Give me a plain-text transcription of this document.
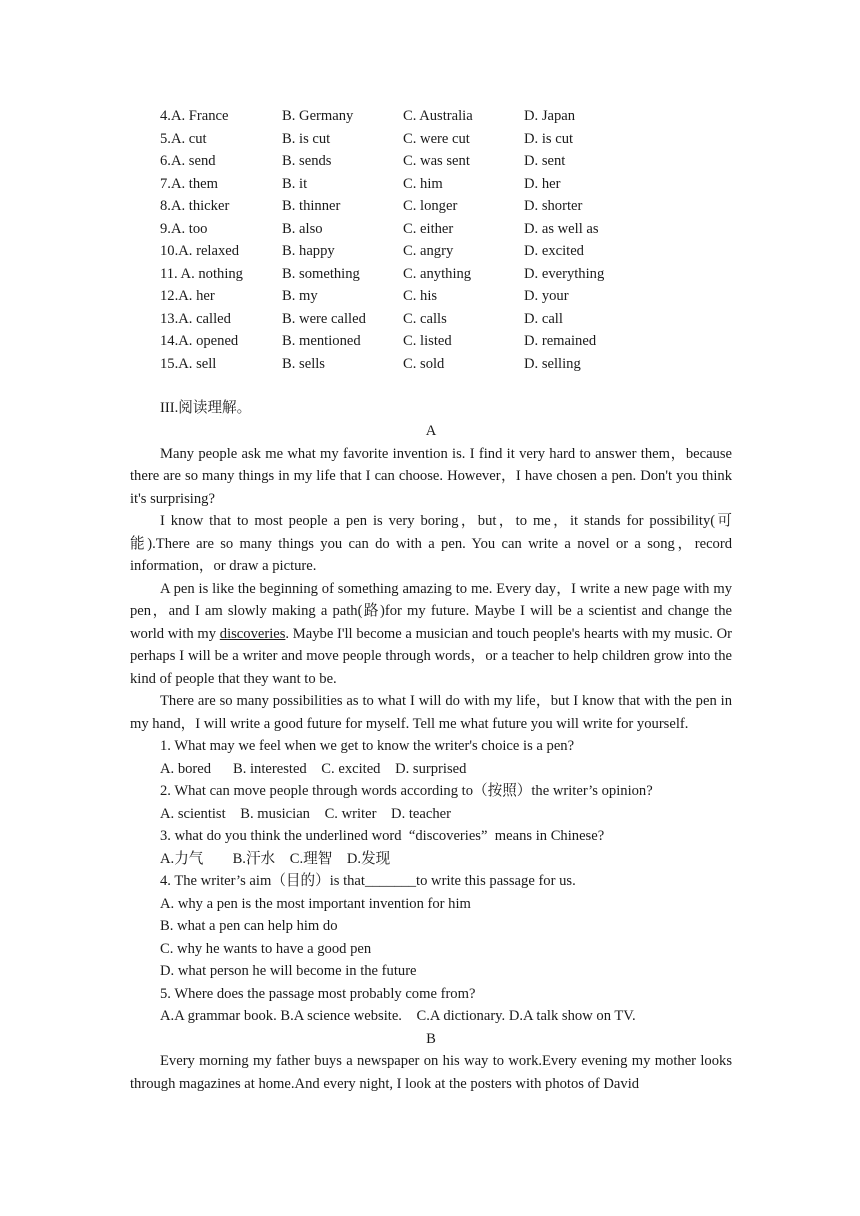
4.A. France	B. Germany	C. Australia	D. Japan
5.A. cut	B. is cut	C. were cut	D. is cut
6.A. send	B. sends	C. was sent	D. sent
7.A. them	B. it	C. him	D. her
8.A. thicker	B. thinner	C. longer	D. shorter
9.A. too	B. also	C. either	D. as well as
10.A. relaxed	B. happy	C. angry	D. excited
11. A. nothing	B. something	C. anything	D. everything
12.A. her	B. my	C. his	D. your
13.A. called	B. were called	C. calls	D. call
14.A. opened	B. mentioned	C. listed	D. remained
15.A. sell	B. sells	C. sold	D. selling
III.阅读理解。
A

Many people ask me what my favorite invention is. I find it very hard to answer them，because there are so many things in my life that I can choose. However，I have chosen a pen. Don't you think it's surprising?

I know that to most people a pen is very boring，but，to me，it stands for possibility(可能).There are so many things you can do with a pen. You can write a novel or a song，record information，or draw a picture.

A pen is like the beginning of something amazing to me. Every day，I write a new page with my pen，and I am slowly making a path(路)for my future. Maybe I will be a scientist and change the world with my discoveries. Maybe I'll become a musician and touch people's hearts with my music. Or perhaps I will be a writer and move people through words，or a teacher to help children grow into the kind of people that they want to be.

There are so many possibilities as to what I will do with my life，but I know that with the pen in my hand，I will write a good future for myself. Tell me what future you will write for yourself.

1. What may we feel when we get to know the writer's choice is a pen?
A. bored      B. interested    C. excited    D. surprised
2. What can move people through words according to（按照）the writer’s opinion?
A. scientist    B. musician    C. writer    D. teacher
3. what do you think the underlined word  “discoveries”  means in Chinese?
A.力气        B.汗水    C.理智    D.发现
4. The writer’s aim（目的）is that_______to write this passage for us.
A. why a pen is the most important invention for him
B. what a pen can help him do
C. why he wants to have a good pen
D. what person he will become in the future
5. Where does the passage most probably come from?
A.A grammar book. B.A science website.    C.A dictionary. D.A talk show on TV.
B

Every morning my father buys a newspaper on his way to work.Every evening my mother looks through magazines at home.And every night, I look at the posters with photos of David
